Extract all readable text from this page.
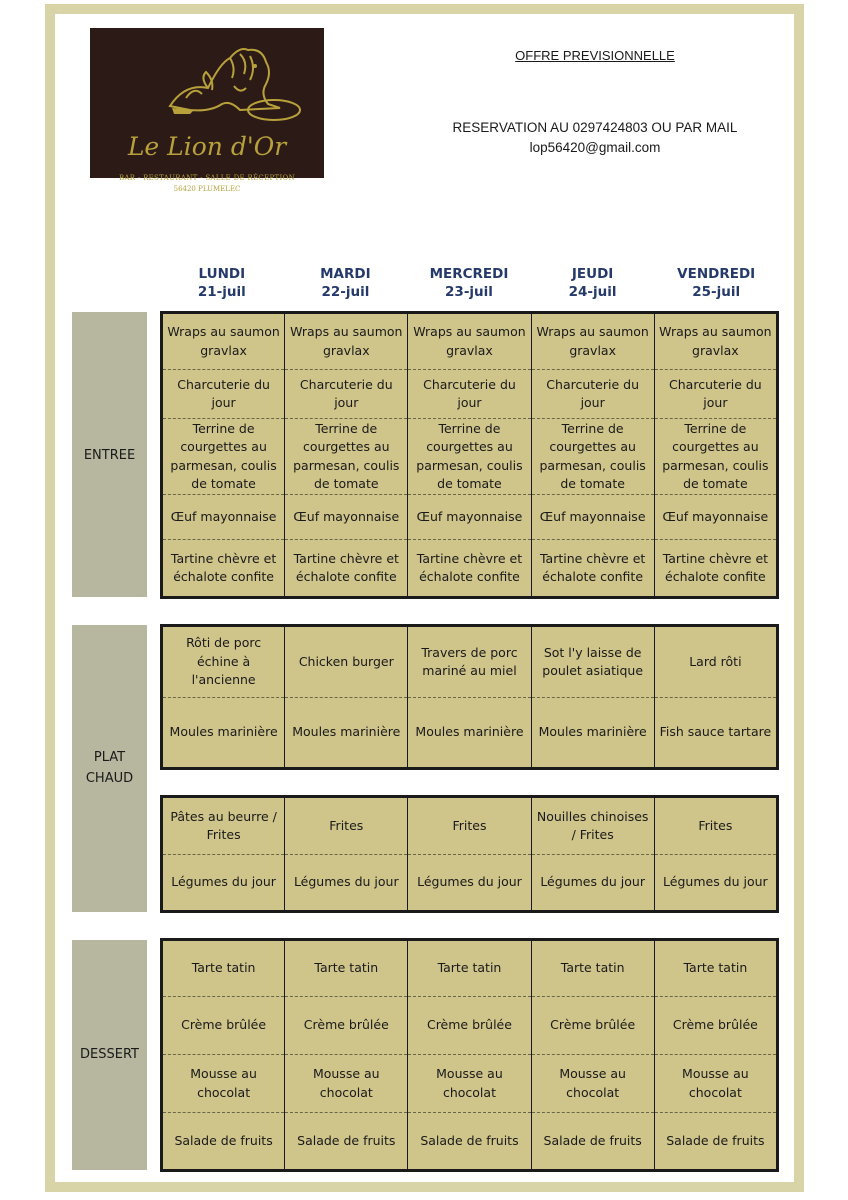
Le Lion d'Or
BAR - RESTAURANT - SALLE DE RÉCEPTION
56420 PLUMELEC
OFFRE PREVISIONNELLE
RESERVATION AU 0297424803 OU PAR MAIL
lop56420@gmail.com
LUNDI
21-juil
MARDI
22-juil
MERCREDI
23-juil
JEUDI
24-juil
VENDREDI
25-juil
ENTREE
PLAT
CHAUD
DESSERT
Wraps au saumon gravlax	Wraps au saumon gravlax	Wraps au saumon gravlax	Wraps au saumon gravlax	Wraps au saumon gravlax
Charcuterie du jour	Charcuterie du jour	Charcuterie du jour	Charcuterie du jour	Charcuterie du jour
Terrine de courgettes au parmesan, coulis de tomate	Terrine de courgettes au parmesan, coulis de tomate	Terrine de courgettes au parmesan, coulis de tomate	Terrine de courgettes au parmesan, coulis de tomate	Terrine de courgettes au parmesan, coulis de tomate
Œuf mayonnaise	Œuf mayonnaise	Œuf mayonnaise	Œuf mayonnaise	Œuf mayonnaise
Tartine chèvre et échalote confite	Tartine chèvre et échalote confite	Tartine chèvre et échalote confite	Tartine chèvre et échalote confite	Tartine chèvre et échalote confite
Rôti de porc échine à l'ancienne	Chicken burger	Travers de porc mariné au miel	Sot l'y laisse de poulet asiatique	Lard rôti
Moules marinière	Moules marinière	Moules marinière	Moules marinière	Fish sauce tartare
Pâtes au beurre / Frites	Frites	Frites	Nouilles chinoises / Frites	Frites
Légumes du jour	Légumes du jour	Légumes du jour	Légumes du jour	Légumes du jour
Tarte tatin	Tarte tatin	Tarte tatin	Tarte tatin	Tarte tatin
Crème brûlée	Crème brûlée	Crème brûlée	Crème brûlée	Crème brûlée
Mousse au chocolat	Mousse au chocolat	Mousse au chocolat	Mousse au chocolat	Mousse au chocolat
Salade de fruits	Salade de fruits	Salade de fruits	Salade de fruits	Salade de fruits
